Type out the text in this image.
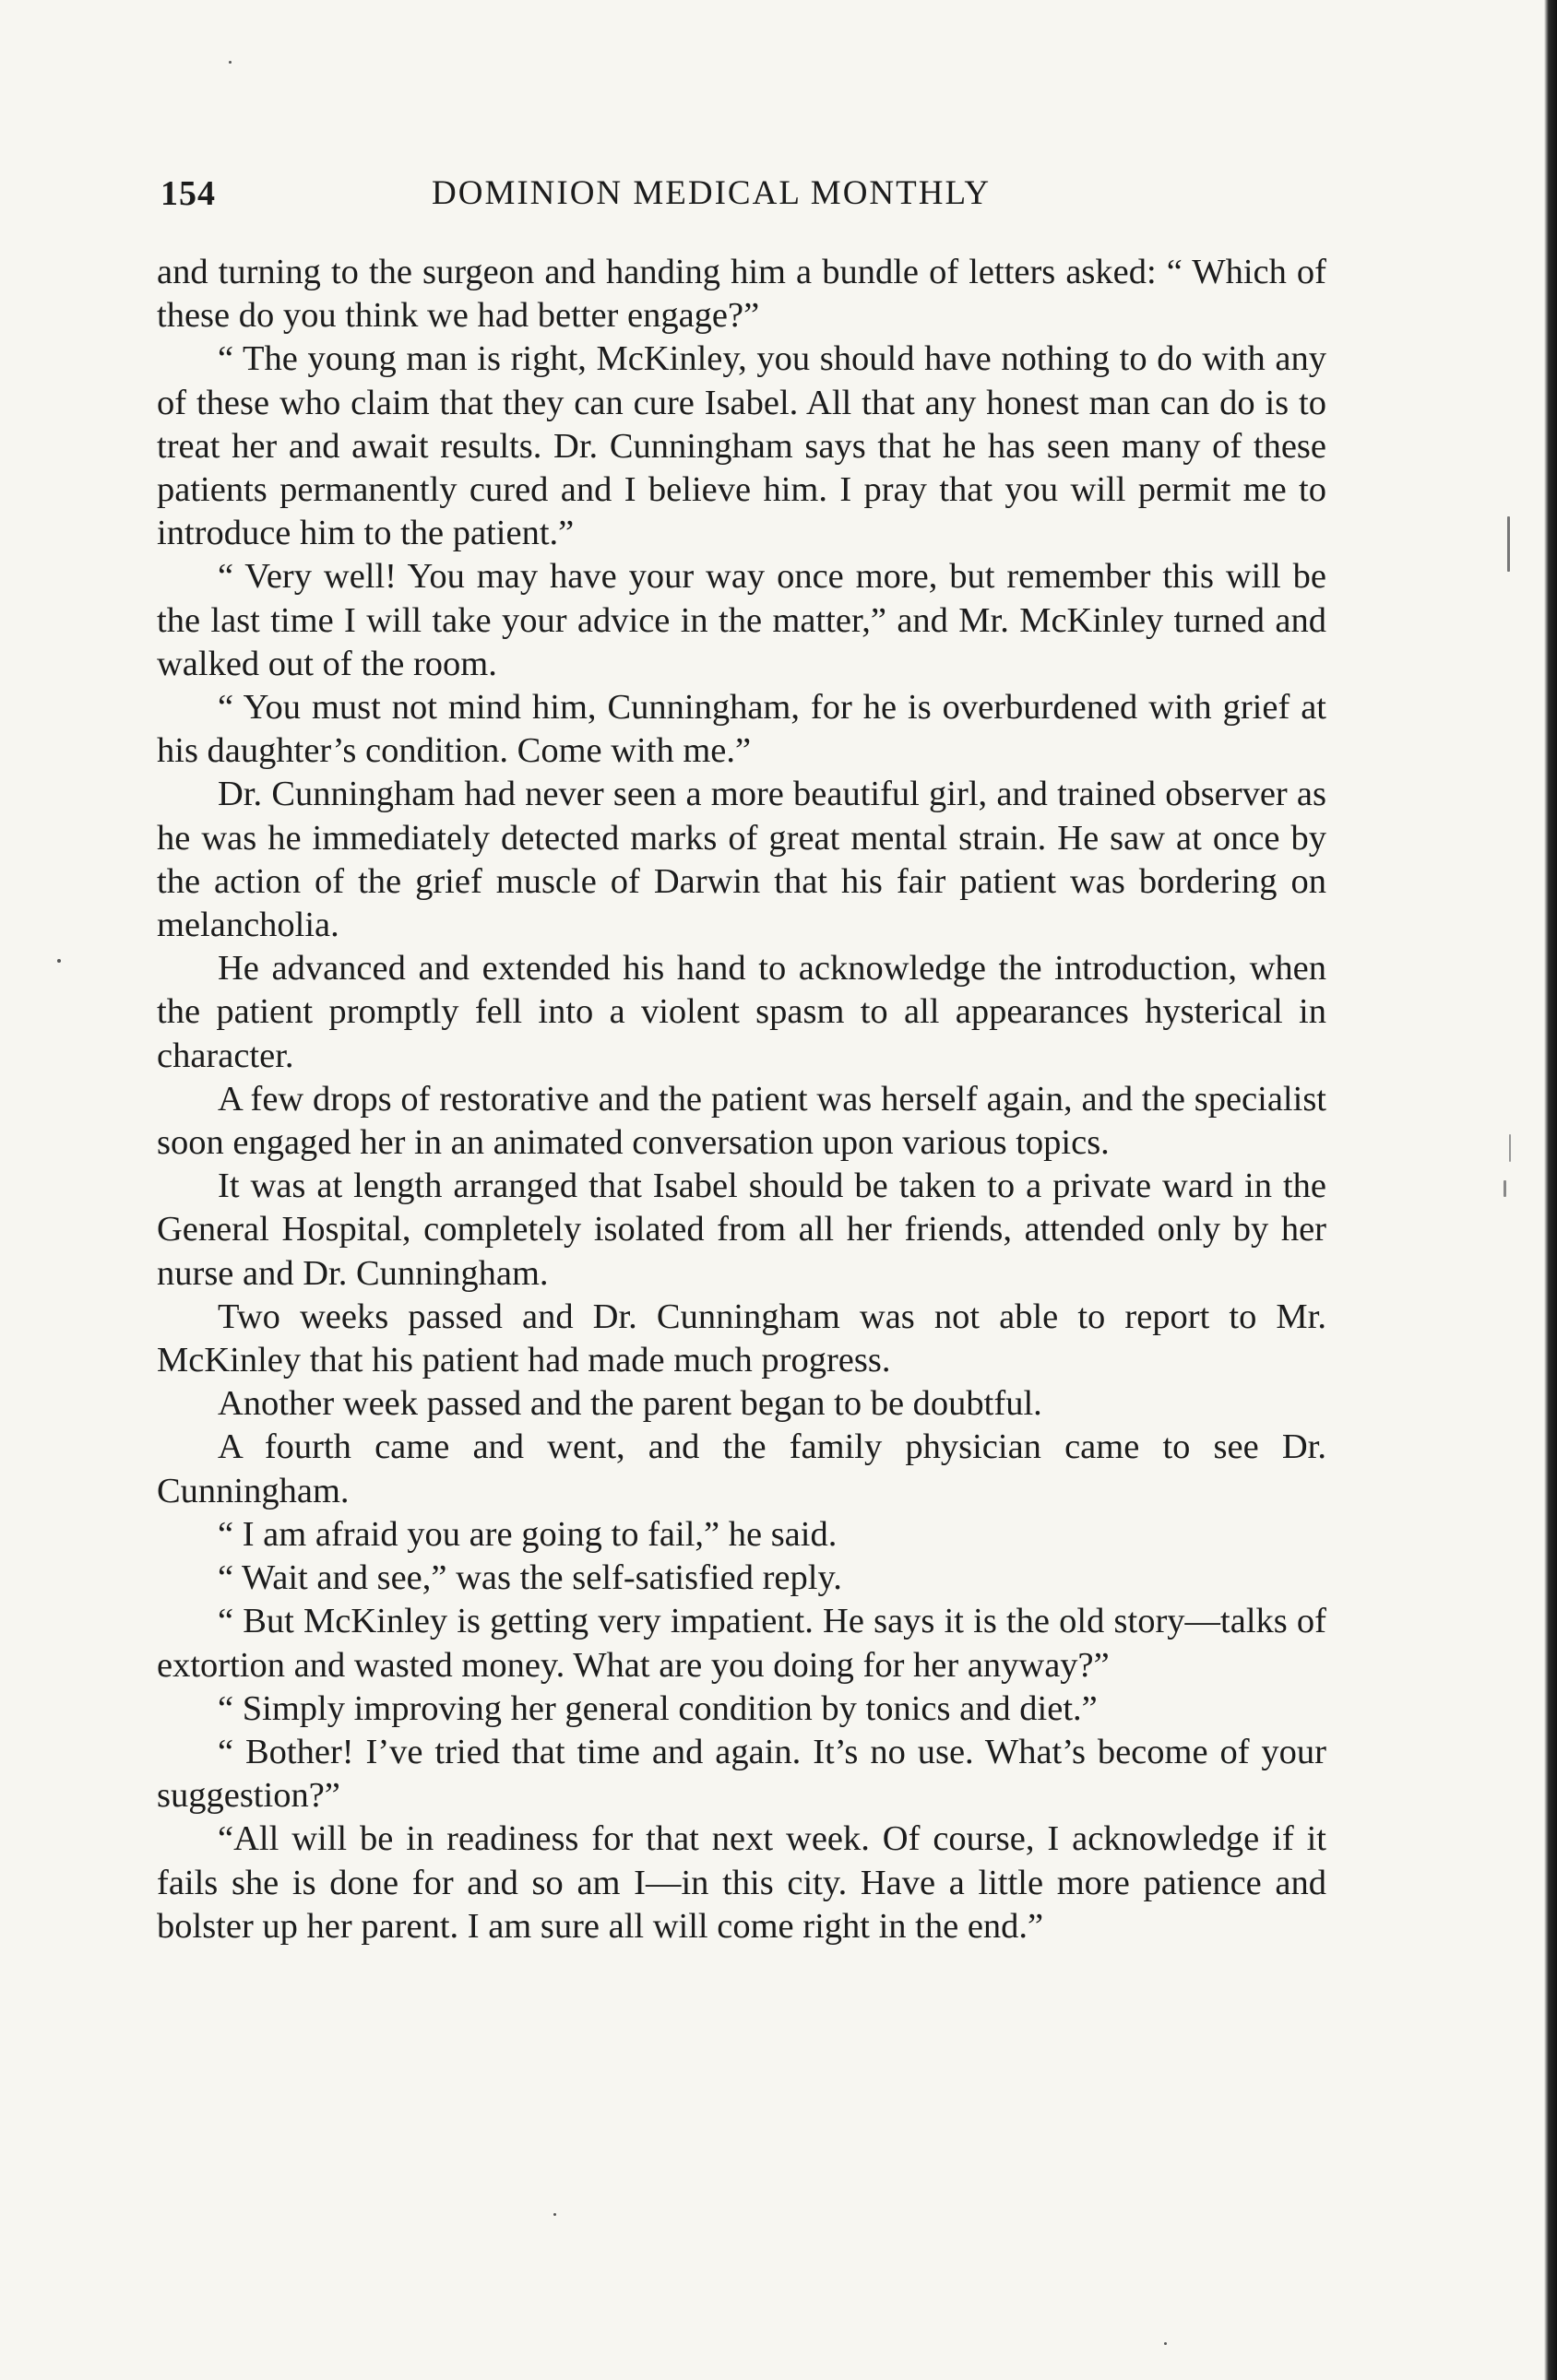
154	DOMINION MEDICAL MONTHLY

and turning to the surgeon and handing him a bundle of letters asked: “ Which of these do you think we had better engage?”

“ The young man is right, McKinley, you should have nothing to do with any of these who claim that they can cure Isabel. All that any honest man can do is to treat her and await results. Dr. Cunningham says that he has seen many of these patients permanently cured and I believe him. I pray that you will permit me to introduce him to the patient.”

“ Very well! You may have your way once more, but remember this will be the last time I will take your advice in the matter,” and Mr. McKinley turned and walked out of the room.

“ You must not mind him, Cunningham, for he is overburdened with grief at his daughter’s condition. Come with me.”

Dr. Cunningham had never seen a more beautiful girl, and trained observer as he was he immediately detected marks of great mental strain. He saw at once by the action of the grief muscle of Darwin that his fair patient was bordering on melancholia.

He advanced and extended his hand to acknowledge the introduction, when the patient promptly fell into a violent spasm to all appearances hysterical in character.

A few drops of restorative and the patient was herself again, and the specialist soon engaged her in an animated conversation upon various topics.

It was at length arranged that Isabel should be taken to a private ward in the General Hospital, completely isolated from all her friends, attended only by her nurse and Dr. Cunningham.

Two weeks passed and Dr. Cunningham was not able to report to Mr. McKinley that his patient had made much progress.

Another week passed and the parent began to be doubtful.

A fourth came and went, and the family physician came to see Dr. Cunningham.

“ I am afraid you are going to fail,” he said.

“ Wait and see,” was the self-satisfied reply.

“ But McKinley is getting very impatient. He says it is the old story—talks of extortion and wasted money. What are you doing for her anyway?”

“ Simply improving her general condition by tonics and diet.”

“ Bother! I’ve tried that time and again. It’s no use. What’s become of your suggestion?”

“All will be in readiness for that next week. Of course, I acknowledge if it fails she is done for and so am I—in this city. Have a little more patience and bolster up her parent. I am sure all will come right in the end.”
